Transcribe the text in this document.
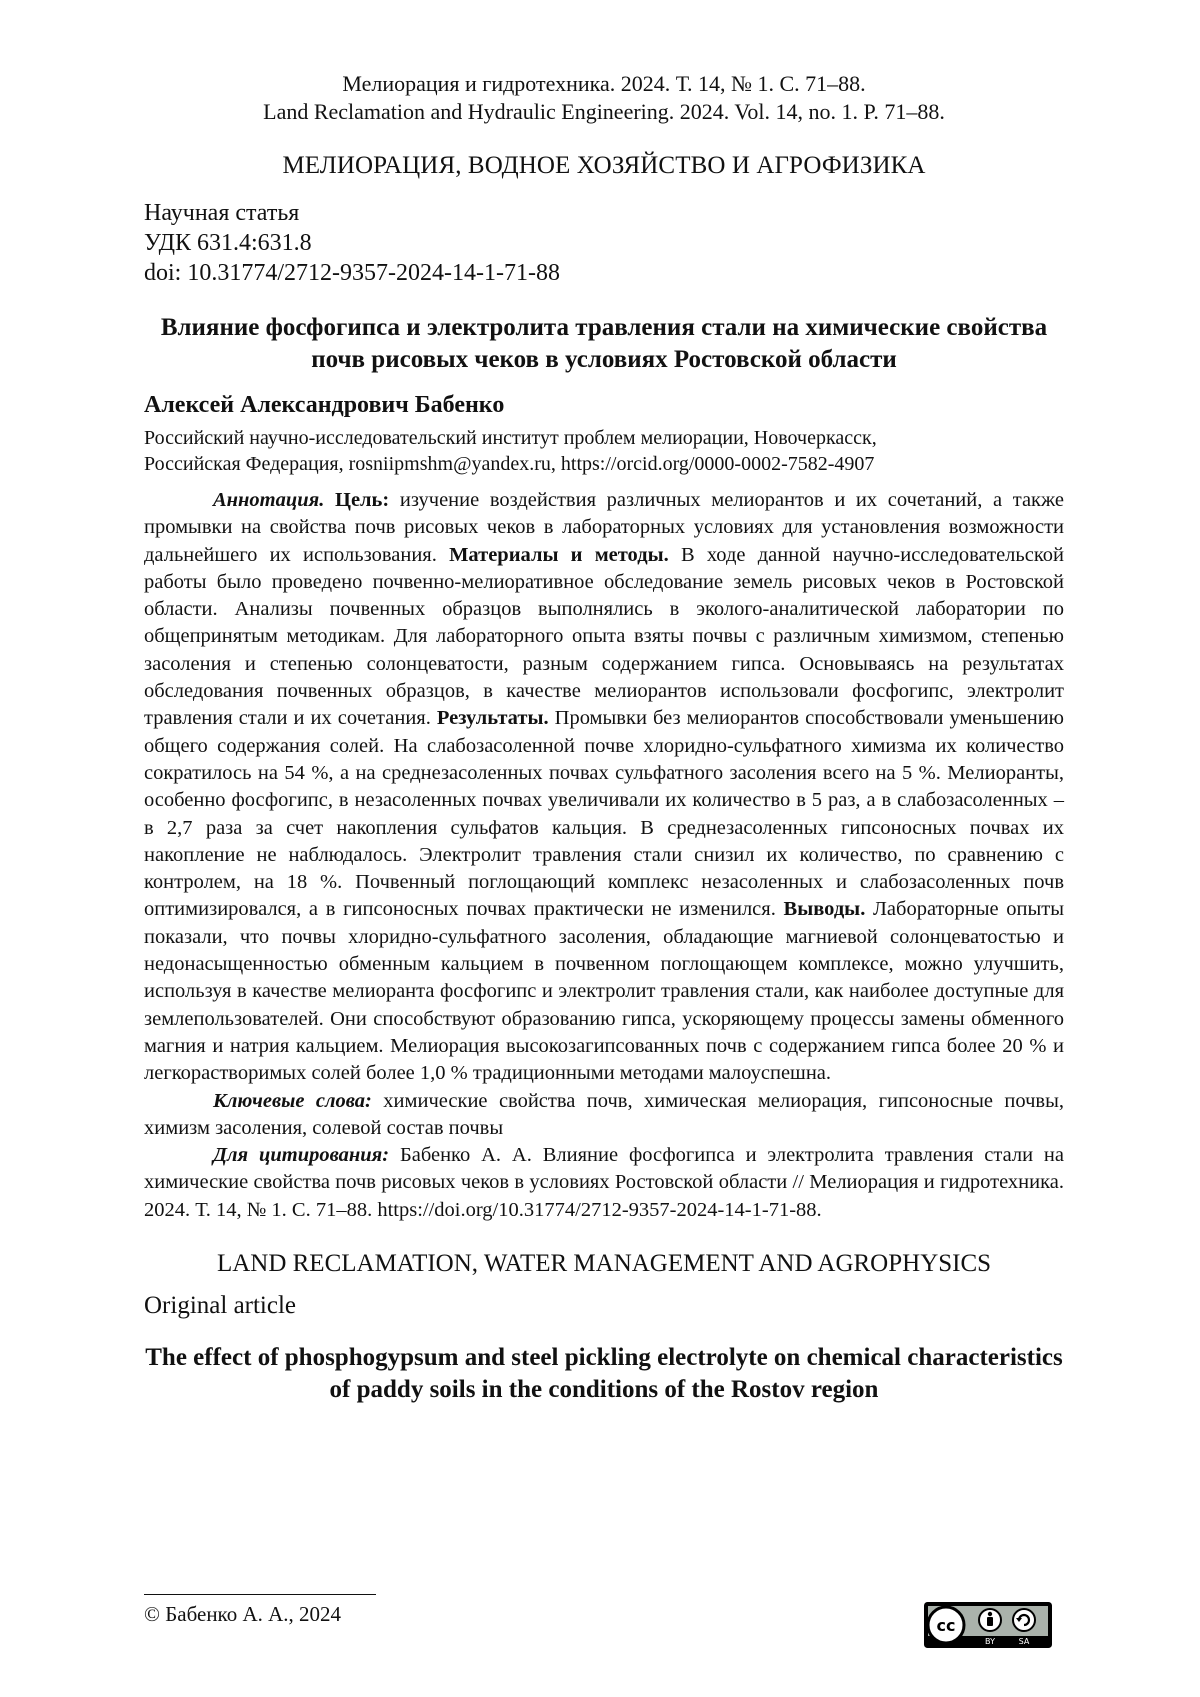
Мелиорация и гидротехника. 2024. Т. 14, № 1. С. 71–88.
Land Reclamation and Hydraulic Engineering. 2024. Vol. 14, no. 1. P. 71–88.
МЕЛИОРАЦИЯ, ВОДНОЕ ХОЗЯЙСТВО И АГРОФИЗИКА
Научная статья
УДК 631.4:631.8
doi: 10.31774/2712-9357-2024-14-1-71-88
Влияние фосфогипса и электролита травления стали на химические свойства почв рисовых чеков в условиях Ростовской области
Алексей Александрович Бабенко
Российский научно-исследовательский институт проблем мелиорации, Новочеркасск,
Российская Федерация, rosniipmshm@yandex.ru, https://orcid.org/0000-0002-7582-4907

Аннотация. Цель: изучение воздействия различных мелиорантов и их сочетаний, а также промывки на свойства почв рисовых чеков в лабораторных условиях для установления возможности дальнейшего их использования. Материалы и методы. В ходе данной научно-исследовательской работы было проведено почвенно-мелиоративное обследование земель рисовых чеков в Ростовской области. Анализы почвенных образцов выполнялись в эколого-аналитической лаборатории по общепринятым методикам. Для лабораторного опыта взяты почвы с различным химизмом, степенью засоления и степенью солонцеватости, разным содержанием гипса. Основываясь на результатах обследования почвенных образцов, в качестве мелиорантов использовали фосфогипс, электролит травления стали и их сочетания. Результаты. Промывки без мелиорантов способствовали уменьшению общего содержания солей. На слабозасоленной почве хлоридно-сульфатного химизма их количество сократилось на 54 %, а на среднезасоленных почвах сульфатного засоления всего на 5 %. Мелиоранты, особенно фосфогипс, в незасоленных почвах увеличивали их количество в 5 раз, а в слабозасоленных – в 2,7 раза за счет накопления сульфатов кальция. В среднезасоленных гипсоносных почвах их накопление не наблюдалось. Электролит травления стали снизил их количество, по сравнению с контролем, на 18 %. Почвенный поглощающий комплекс незасоленных и слабозасоленных почв оптимизировался, а в гипсоносных почвах практически не изменился. Выводы. Лабораторные опыты показали, что почвы хлоридно-сульфатного засоления, обладающие магниевой солонцеватостью и недонасыщенностью обменным кальцием в почвенном поглощающем комплексе, можно улучшить, используя в качестве мелиоранта фосфогипс и электролит травления стали, как наиболее доступные для землепользователей. Они способствуют образованию гипса, ускоряющему процессы замены обменного магния и натрия кальцием. Мелиорация высокозагипсованных почв с содержанием гипса более 20 % и легкорастворимых солей более 1,0 % традиционными методами малоуспешна.

Ключевые слова: химические свойства почв, химическая мелиорация, гипсоносные почвы, химизм засоления, солевой состав почвы

Для цитирования: Бабенко А. А. Влияние фосфогипса и электролита травления стали на химические свойства почв рисовых чеков в условиях Ростовской области // Мелиорация и гидротехника. 2024. Т. 14, № 1. С. 71–88. https://doi.org/10.31774/2712-9357-2024-14-1-71-88.

LAND RECLAMATION, WATER MANAGEMENT AND AGROPHYSICS
Original article
The effect of phosphogypsum and steel pickling electrolyte on chemical characteristics of paddy soils in the conditions of the Rostov region
© Бабенко А. А., 2024	cc
BY	SA
